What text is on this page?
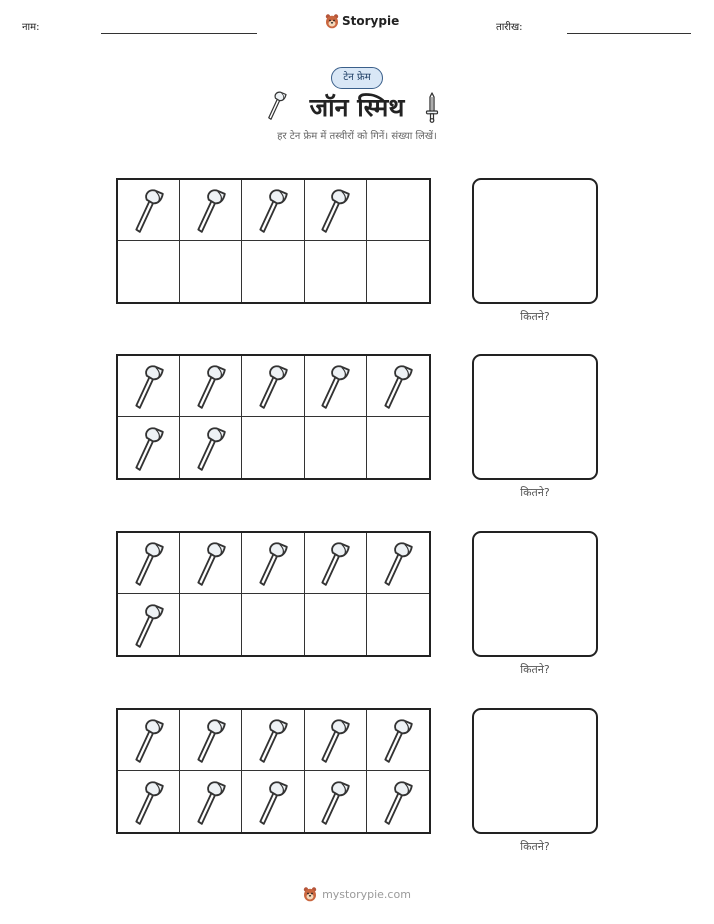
नाम:	Storypie	तारीख:
टेन फ्रेम
जॉन स्मिथ
हर टेन फ्रेम में तस्वीरों को गिनें। संख्या लिखें।
कितने?
कितने?
कितने?
कितने?
mystorypie.com
